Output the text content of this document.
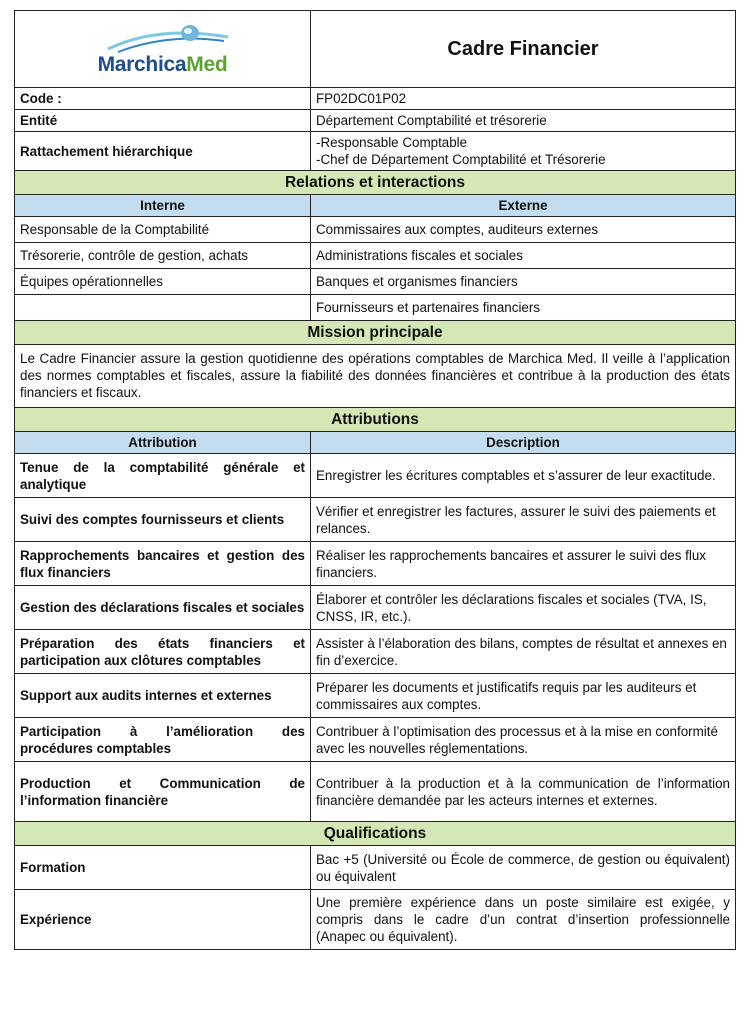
MarchicaMed	Cadre Financier
Code :	FP02DC01P02
Entité	Département Comptabilité et trésorerie
Rattachement hiérarchique	-Responsable Comptable
-Chef de Département Comptabilité et Trésorerie

Relations et interactions	
Interne	Externe
Responsable de la Comptabilité	Commissaires aux comptes, auditeurs externes
Trésorerie, contrôle de gestion, achats	Administrations fiscales et sociales
Équipes opérationnelles	Banques et organismes financiers
	Fournisseurs et partenaires financiers
Mission principale	
Le Cadre Financier assure la gestion quotidienne des opérations comptables de Marchica Med. Il veille à l’application des normes comptables et fiscales, assure la fiabilité des données financières et contribue à la production des états financiers et fiscaux.	
Attributions	
Attribution	Description
Tenue de la comptabilité générale et analytique	Enregistrer les écritures comptables et s’assurer de leur exactitude.
Suivi des comptes fournisseurs et clients	Vérifier et enregistrer les factures, assurer le suivi des paiements et relances.
Rapprochements bancaires et gestion des flux financiers	Réaliser les rapprochements bancaires et assurer le suivi des flux financiers.
Gestion des déclarations fiscales et sociales	Élaborer et contrôler les déclarations fiscales et sociales (TVA, IS, CNSS, IR, etc.).
Préparation des états financiers et participation aux clôtures comptables	Assister à l’élaboration des bilans, comptes de résultat et annexes en fin d’exercice.
Support aux audits internes et externes	Préparer les documents et justificatifs requis par les auditeurs et commissaires aux comptes.
Participation à l’amélioration des procédures comptables	Contribuer à l’optimisation des processus et à la mise en conformité avec les nouvelles réglementations.
Production et Communication de l’information financière	Contribuer à la production et à la communication de l’information financière demandée par les acteurs internes et externes.
Qualifications	
Formation	Bac +5 (Université ou École de commerce, de gestion ou équivalent) ou équivalent
Expérience	Une première expérience dans un poste similaire est exigée, y compris dans le cadre d’un contrat d’insertion professionnelle (Anapec ou équivalent).
